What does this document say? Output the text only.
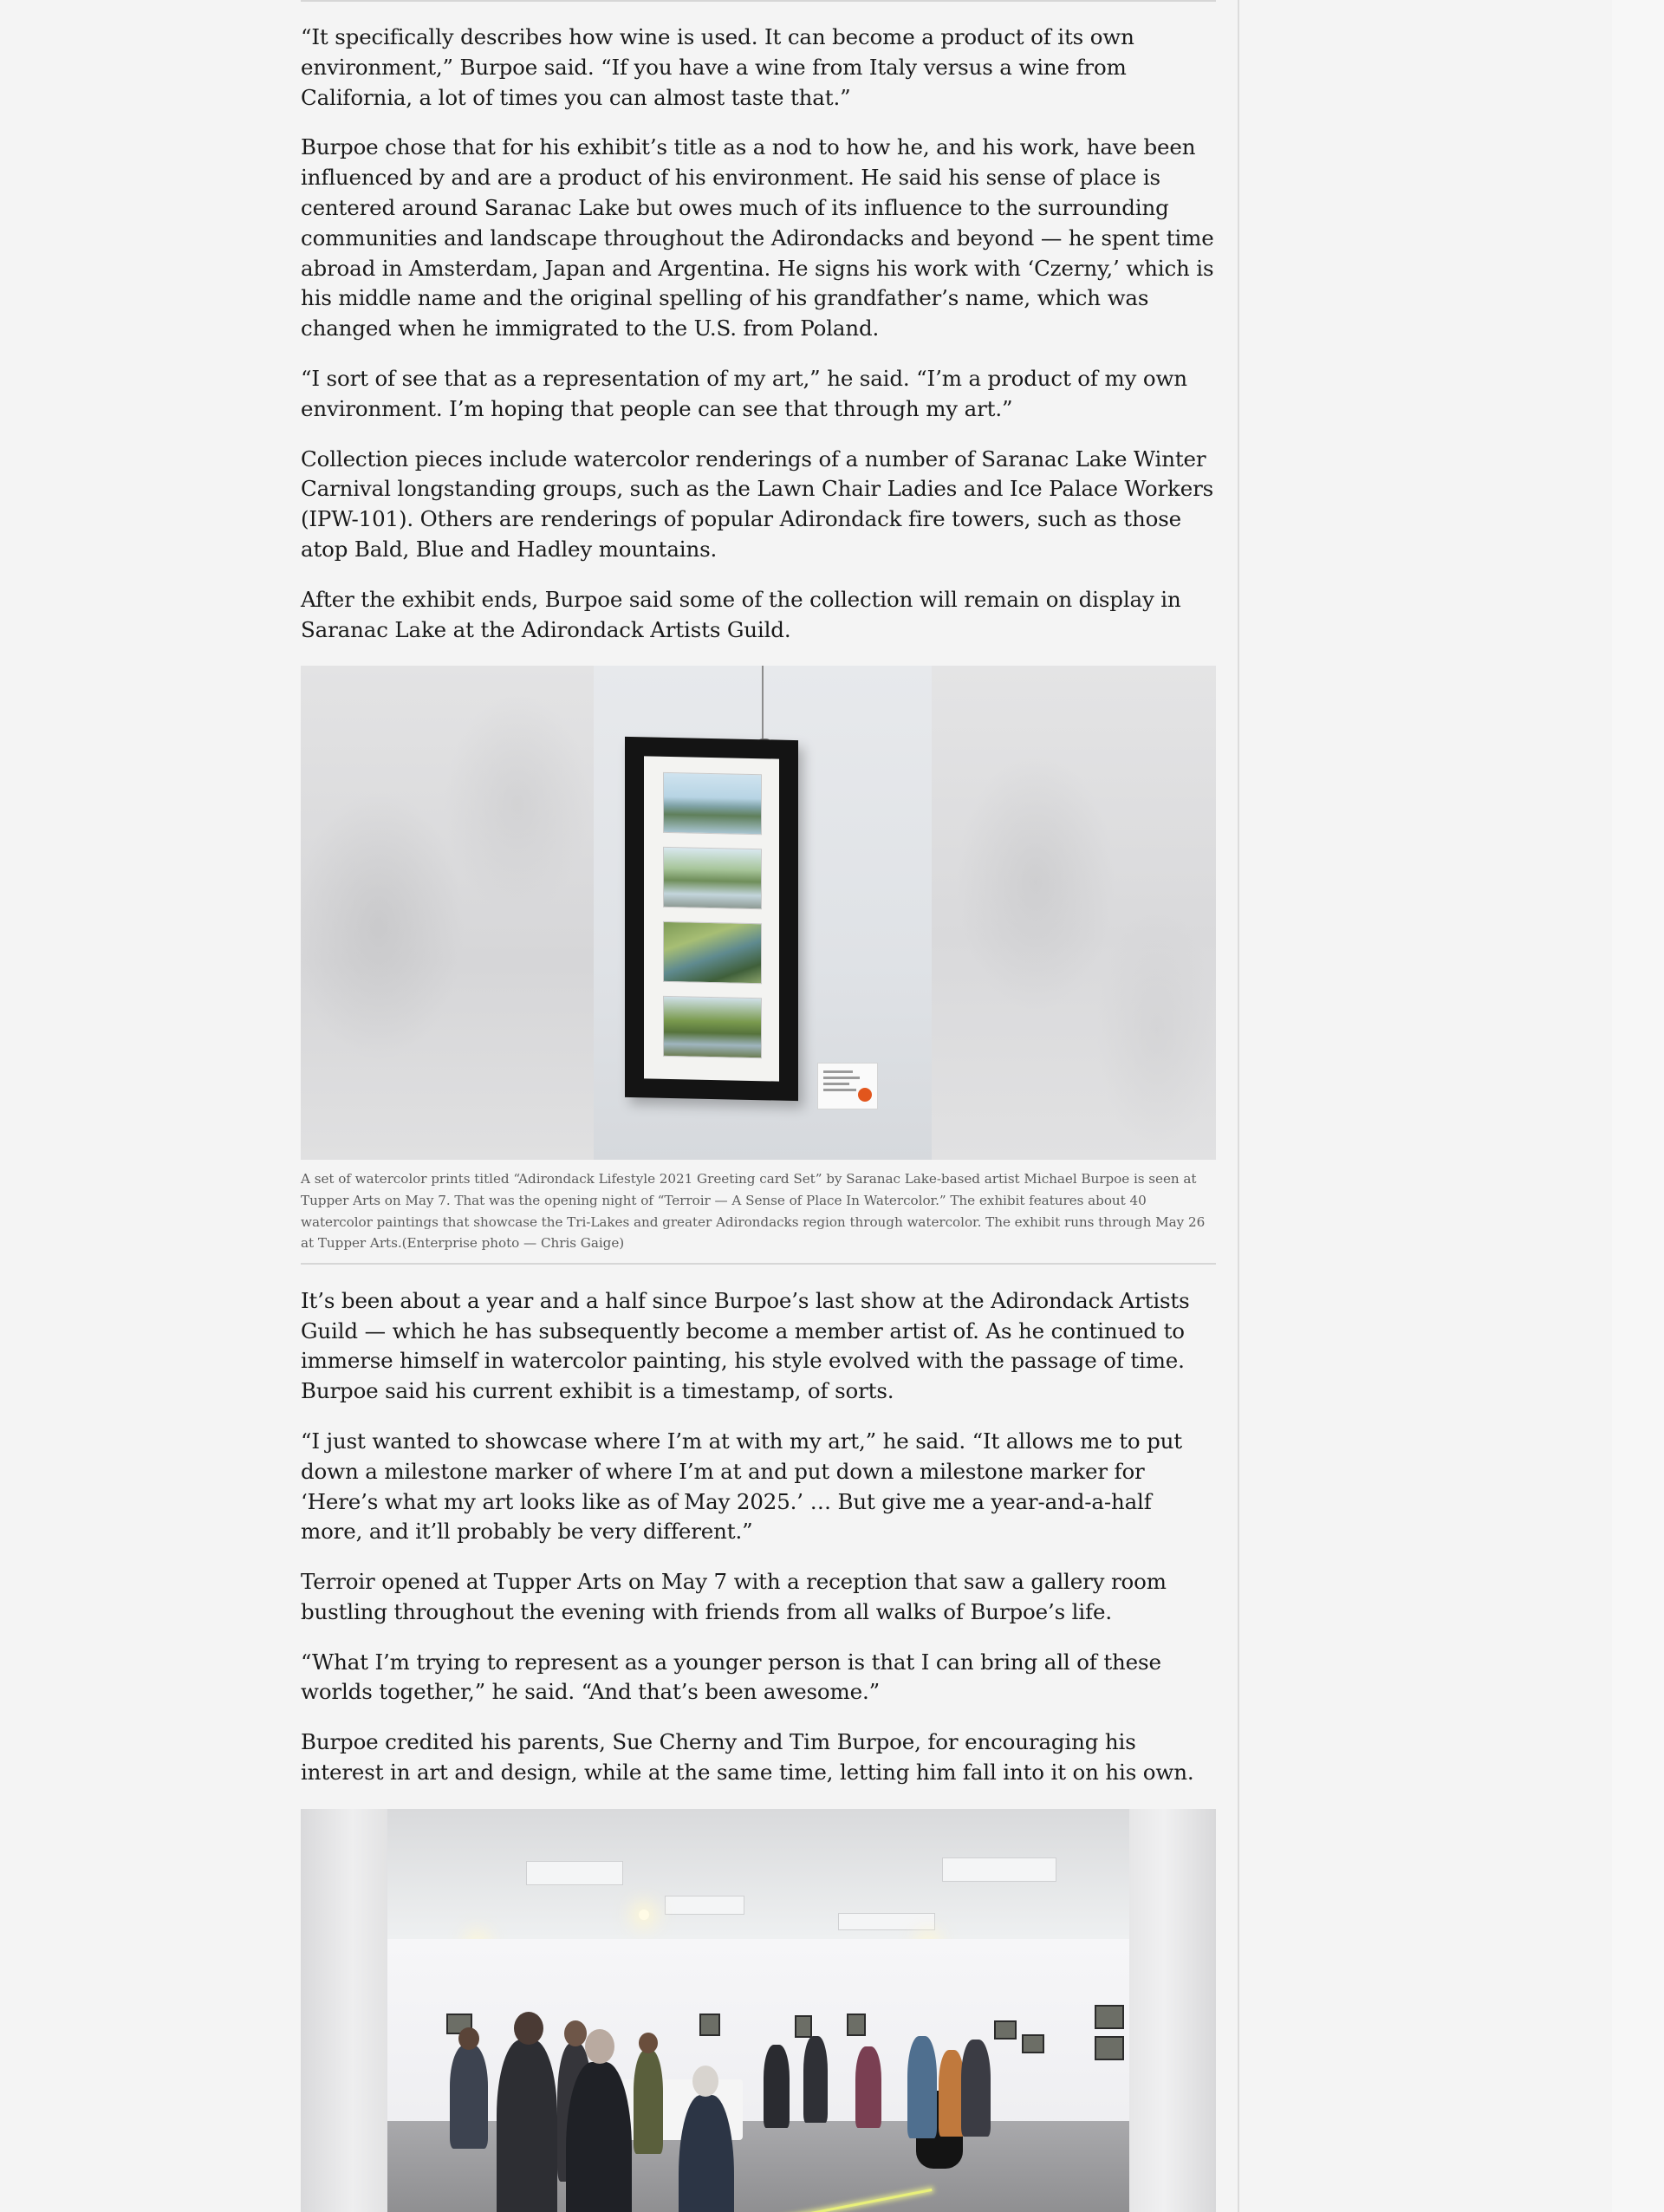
“It specifically describes how wine is used. It can become a product of its own environment,” Burpoe said. “If you have a wine from Italy versus a wine from California, a lot of times you can almost taste that.”

Burpoe chose that for his exhibit’s title as a nod to how he, and his work, have been influenced by and are a product of his environment. He said his sense of place is centered around Saranac Lake but owes much of its influence to the surrounding communities and landscape throughout the Adirondacks and beyond — he spent time abroad in Amsterdam, Japan and Argentina. He signs his work with ‘Czerny,’ which is his middle name and the original spelling of his grandfather’s name, which was changed when he immigrated to the U.S. from Poland.

“I sort of see that as a representation of my art,” he said. “I’m a product of my own environment. I’m hoping that people can see that through my art.”

Collection pieces include watercolor renderings of a number of Saranac Lake Winter Carnival longstanding groups, such as the Lawn Chair Ladies and Ice Palace Workers (IPW-101). Others are renderings of popular Adirondack fire towers, such as those atop Bald, Blue and Hadley mountains.

After the exhibit ends, Burpoe said some of the collection will remain on display in Saranac Lake at the Adirondack Artists Guild.

A set of watercolor prints titled “Adirondack Lifestyle 2021 Greeting card Set” by Saranac Lake-based artist Michael Burpoe is seen at Tupper Arts on May 7. That was the opening night of “Terroir — A Sense of Place In Watercolor.” The exhibit features about 40 watercolor paintings that showcase the Tri-Lakes and greater Adirondacks region through watercolor. The exhibit runs through May 26 at Tupper Arts.(Enterprise photo — Chris Gaige)

It’s been about a year and a half since Burpoe’s last show at the Adirondack Artists Guild — which he has subsequently become a member artist of. As he continued to immerse himself in watercolor painting, his style evolved with the passage of time. Burpoe said his current exhibit is a timestamp, of sorts.

“I just wanted to showcase where I’m at with my art,” he said. “It allows me to put down a milestone marker of where I’m at and put down a milestone marker for ‘Here’s what my art looks like as of May 2025.’ … But give me a year-and-a-half more, and it’ll probably be very different.”

Terroir opened at Tupper Arts on May 7 with a reception that saw a gallery room bustling throughout the evening with friends from all walks of Burpoe’s life.

“What I’m trying to represent as a younger person is that I can bring all of these worlds together,” he said. “And that’s been awesome.”

Burpoe credited his parents, Sue Cherny and Tim Burpoe, for encouraging his interest in art and design, while at the same time, letting him fall into it on his own.
